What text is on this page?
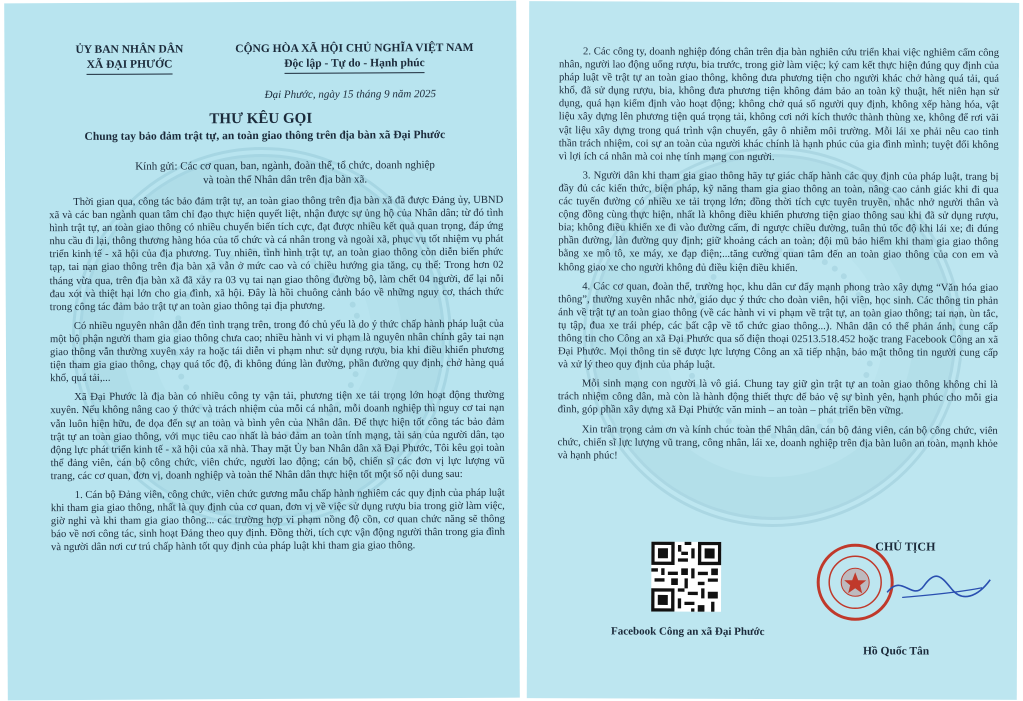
ỦY BAN NHÂN DÂN
XÃ ĐẠI PHƯỚC
CỘNG HÒA XÃ HỘI CHỦ NGHĨA VIỆT NAM
Độc lập - Tự do - Hạnh phúc
Đại Phước, ngày 15 tháng 9 năm 2025
THƯ KÊU GỌI
Chung tay bảo đảm trật tự, an toàn giao thông trên địa bàn xã Đại Phước
Kính gửi: Các cơ quan, ban, ngành, đoàn thể, tổ chức, doanh nghiệp
và toàn thể Nhân dân trên địa bàn xã.

Thời gian qua, công tác bảo đảm trật tự, an toàn giao thông trên địa bàn xã đã được Đảng ủy, UBND xã và các ban ngành quan tâm chỉ đạo thực hiện quyết liệt, nhận được sự ủng hộ của Nhân dân; từ đó tình hình trật tự, an toàn giao thông có nhiều chuyển biến tích cực, đạt được nhiều kết quả quan trọng, đáp ứng nhu cầu đi lại, thông thương hàng hóa của tổ chức và cá nhân trong và ngoài xã, phục vụ tốt nhiệm vụ phát triển kinh tế - xã hội của địa phương. Tuy nhiên, tình hình trật tự, an toàn giao thông còn diễn biến phức tạp, tai nạn giao thông trên địa bàn xã vẫn ở mức cao và có chiều hướng gia tăng, cụ thể: Trong hơn 02 tháng vừa qua, trên địa bàn xã đã xảy ra 03 vụ tai nạn giao thông đường bộ, làm chết 04 người, để lại nỗi đau xót và thiệt hại lớn cho gia đình, xã hội. Đây là hồi chuông cảnh báo về những nguy cơ, thách thức trong công tác đảm bảo trật tự an toàn giao thông tại địa phương.

Có nhiều nguyên nhân dẫn đến tình trạng trên, trong đó chủ yếu là do ý thức chấp hành pháp luật của một bộ phận người tham gia giao thông chưa cao; nhiều hành vi vi phạm là nguyên nhân chính gây tai nạn giao thông vẫn thường xuyên xảy ra hoặc tái diễn vi phạm như: sử dụng rượu, bia khi điều khiển phương tiện tham gia giao thông, chạy quá tốc độ, đi không đúng làn đường, phần đường quy định, chở hàng quá khổ, quá tải,...

Xã Đại Phước là địa bàn có nhiều công ty vận tải, phương tiện xe tải trọng lớn hoạt động thường xuyên. Nếu không nâng cao ý thức và trách nhiệm của mỗi cá nhân, mỗi doanh nghiệp thì nguy cơ tai nạn vẫn luôn hiện hữu, đe dọa đến sự an toàn và bình yên của Nhân dân. Để thực hiện tốt công tác bảo đảm trật tự an toàn giao thông, với mục tiêu cao nhất là bảo đảm an toàn tính mạng, tài sản của người dân, tạo động lực phát triển kinh tế - xã hội của xã nhà. Thay mặt Ủy ban Nhân dân xã Đại Phước, Tôi kêu gọi toàn thể đảng viên, cán bộ công chức, viên chức, người lao động; cán bộ, chiến sĩ các đơn vị lực lượng vũ trang, các cơ quan, đơn vị, doanh nghiệp và toàn thể Nhân dân thực hiện tốt một số nội dung sau:

1. Cán bộ Đảng viên, công chức, viên chức gương mẫu chấp hành nghiêm các quy định của pháp luật khi tham gia giao thông, nhất là quy định của cơ quan, đơn vị về việc sử dụng rượu bia trong giờ làm việc, giờ nghỉ và khi tham gia giao thông... các trường hợp vi phạm nồng độ cồn, cơ quan chức năng sẽ thông báo về nơi công tác, sinh hoạt Đảng theo quy định. Đồng thời, tích cực vận động người thân trong gia đình và người dân nơi cư trú chấp hành tốt quy định của pháp luật khi tham gia giao thông.

2. Các công ty, doanh nghiệp đóng chân trên địa bàn nghiên cứu triển khai việc nghiêm cấm công nhân, người lao động uống rượu, bia trước, trong giờ làm việc; ký cam kết thực hiện đúng quy định của pháp luật về trật tự an toàn giao thông, không đưa phương tiện cho người khác chở hàng quá tải, quá khổ, đã sử dụng rượu, bia, không đưa phương tiện không đảm bảo an toàn kỹ thuật, hết niên hạn sử dụng, quá hạn kiểm định vào hoạt động; không chở quá số người quy định, không xếp hàng hóa, vật liệu xây dựng lên phương tiện quá trọng tải, không cơi nới kích thước thành thùng xe, không để rơi vãi vật liệu xây dựng trong quá trình vận chuyển, gây ô nhiễm môi trường. Mỗi lái xe phải nêu cao tinh thần trách nhiệm, coi sự an toàn của người khác chính là hạnh phúc của gia đình mình; tuyệt đối không vì lợi ích cá nhân mà coi nhẹ tính mạng con người.

3. Người dân khi tham gia giao thông hãy tự giác chấp hành các quy định của pháp luật, trang bị đầy đủ các kiến thức, biện pháp, kỹ năng tham gia giao thông an toàn, nâng cao cảnh giác khi đi qua các tuyến đường có nhiều xe tải trọng lớn; đồng thời tích cực tuyên truyền, nhắc nhở người thân và cộng đồng cùng thực hiện, nhất là không điều khiển phương tiện giao thông sau khi đã sử dụng rượu, bia; không điều khiển xe đi vào đường cấm, đi ngược chiều đường, tuân thủ tốc độ khi lái xe; đi đúng phần đường, làn đường quy định; giữ khoảng cách an toàn; đội mũ bảo hiểm khi tham gia giao thông bằng xe mô tô, xe máy, xe đạp điện;...tăng cường quan tâm đến an toàn giao thông của con em và không giao xe cho người không đủ điều kiện điều khiển.

4. Các cơ quan, đoàn thể, trường học, khu dân cư đẩy mạnh phong trào xây dựng “Văn hóa giao thông”, thường xuyên nhắc nhở, giáo dục ý thức cho đoàn viên, hội viên, học sinh. Các thông tin phản ánh về trật tự an toàn giao thông (về các hành vi vi phạm về trật tự, an toàn giao thông; tai nạn, ùn tắc, tụ tập, đua xe trái phép, các bất cập về tổ chức giao thông...). Nhân dân có thể phản ánh, cung cấp thông tin cho Công an xã Đại Phước qua số điện thoại 02513.518.452 hoặc trang Facebook Công an xã Đại Phước. Mọi thông tin sẽ được lực lượng Công an xã tiếp nhận, bảo mật thông tin người cung cấp và xử lý theo quy định của pháp luật.

Mỗi sinh mạng con người là vô giá. Chung tay giữ gìn trật tự an toàn giao thông không chỉ là trách nhiệm công dân, mà còn là hành động thiết thực để bảo vệ sự bình yên, hạnh phúc cho mỗi gia đình, góp phần xây dựng xã Đại Phước văn minh – an toàn – phát triển bền vững.

Xin trân trọng cảm ơn và kính chúc toàn thể Nhân dân, cán bộ đảng viên, cán bộ công chức, viên chức, chiến sĩ lực lượng vũ trang, công nhân, lái xe, doanh nghiệp trên địa bàn luôn an toàn, mạnh khỏe và hạnh phúc!

Facebook Công an xã Đại Phước
CHỦ TỊCH
Hồ Quốc Tân
